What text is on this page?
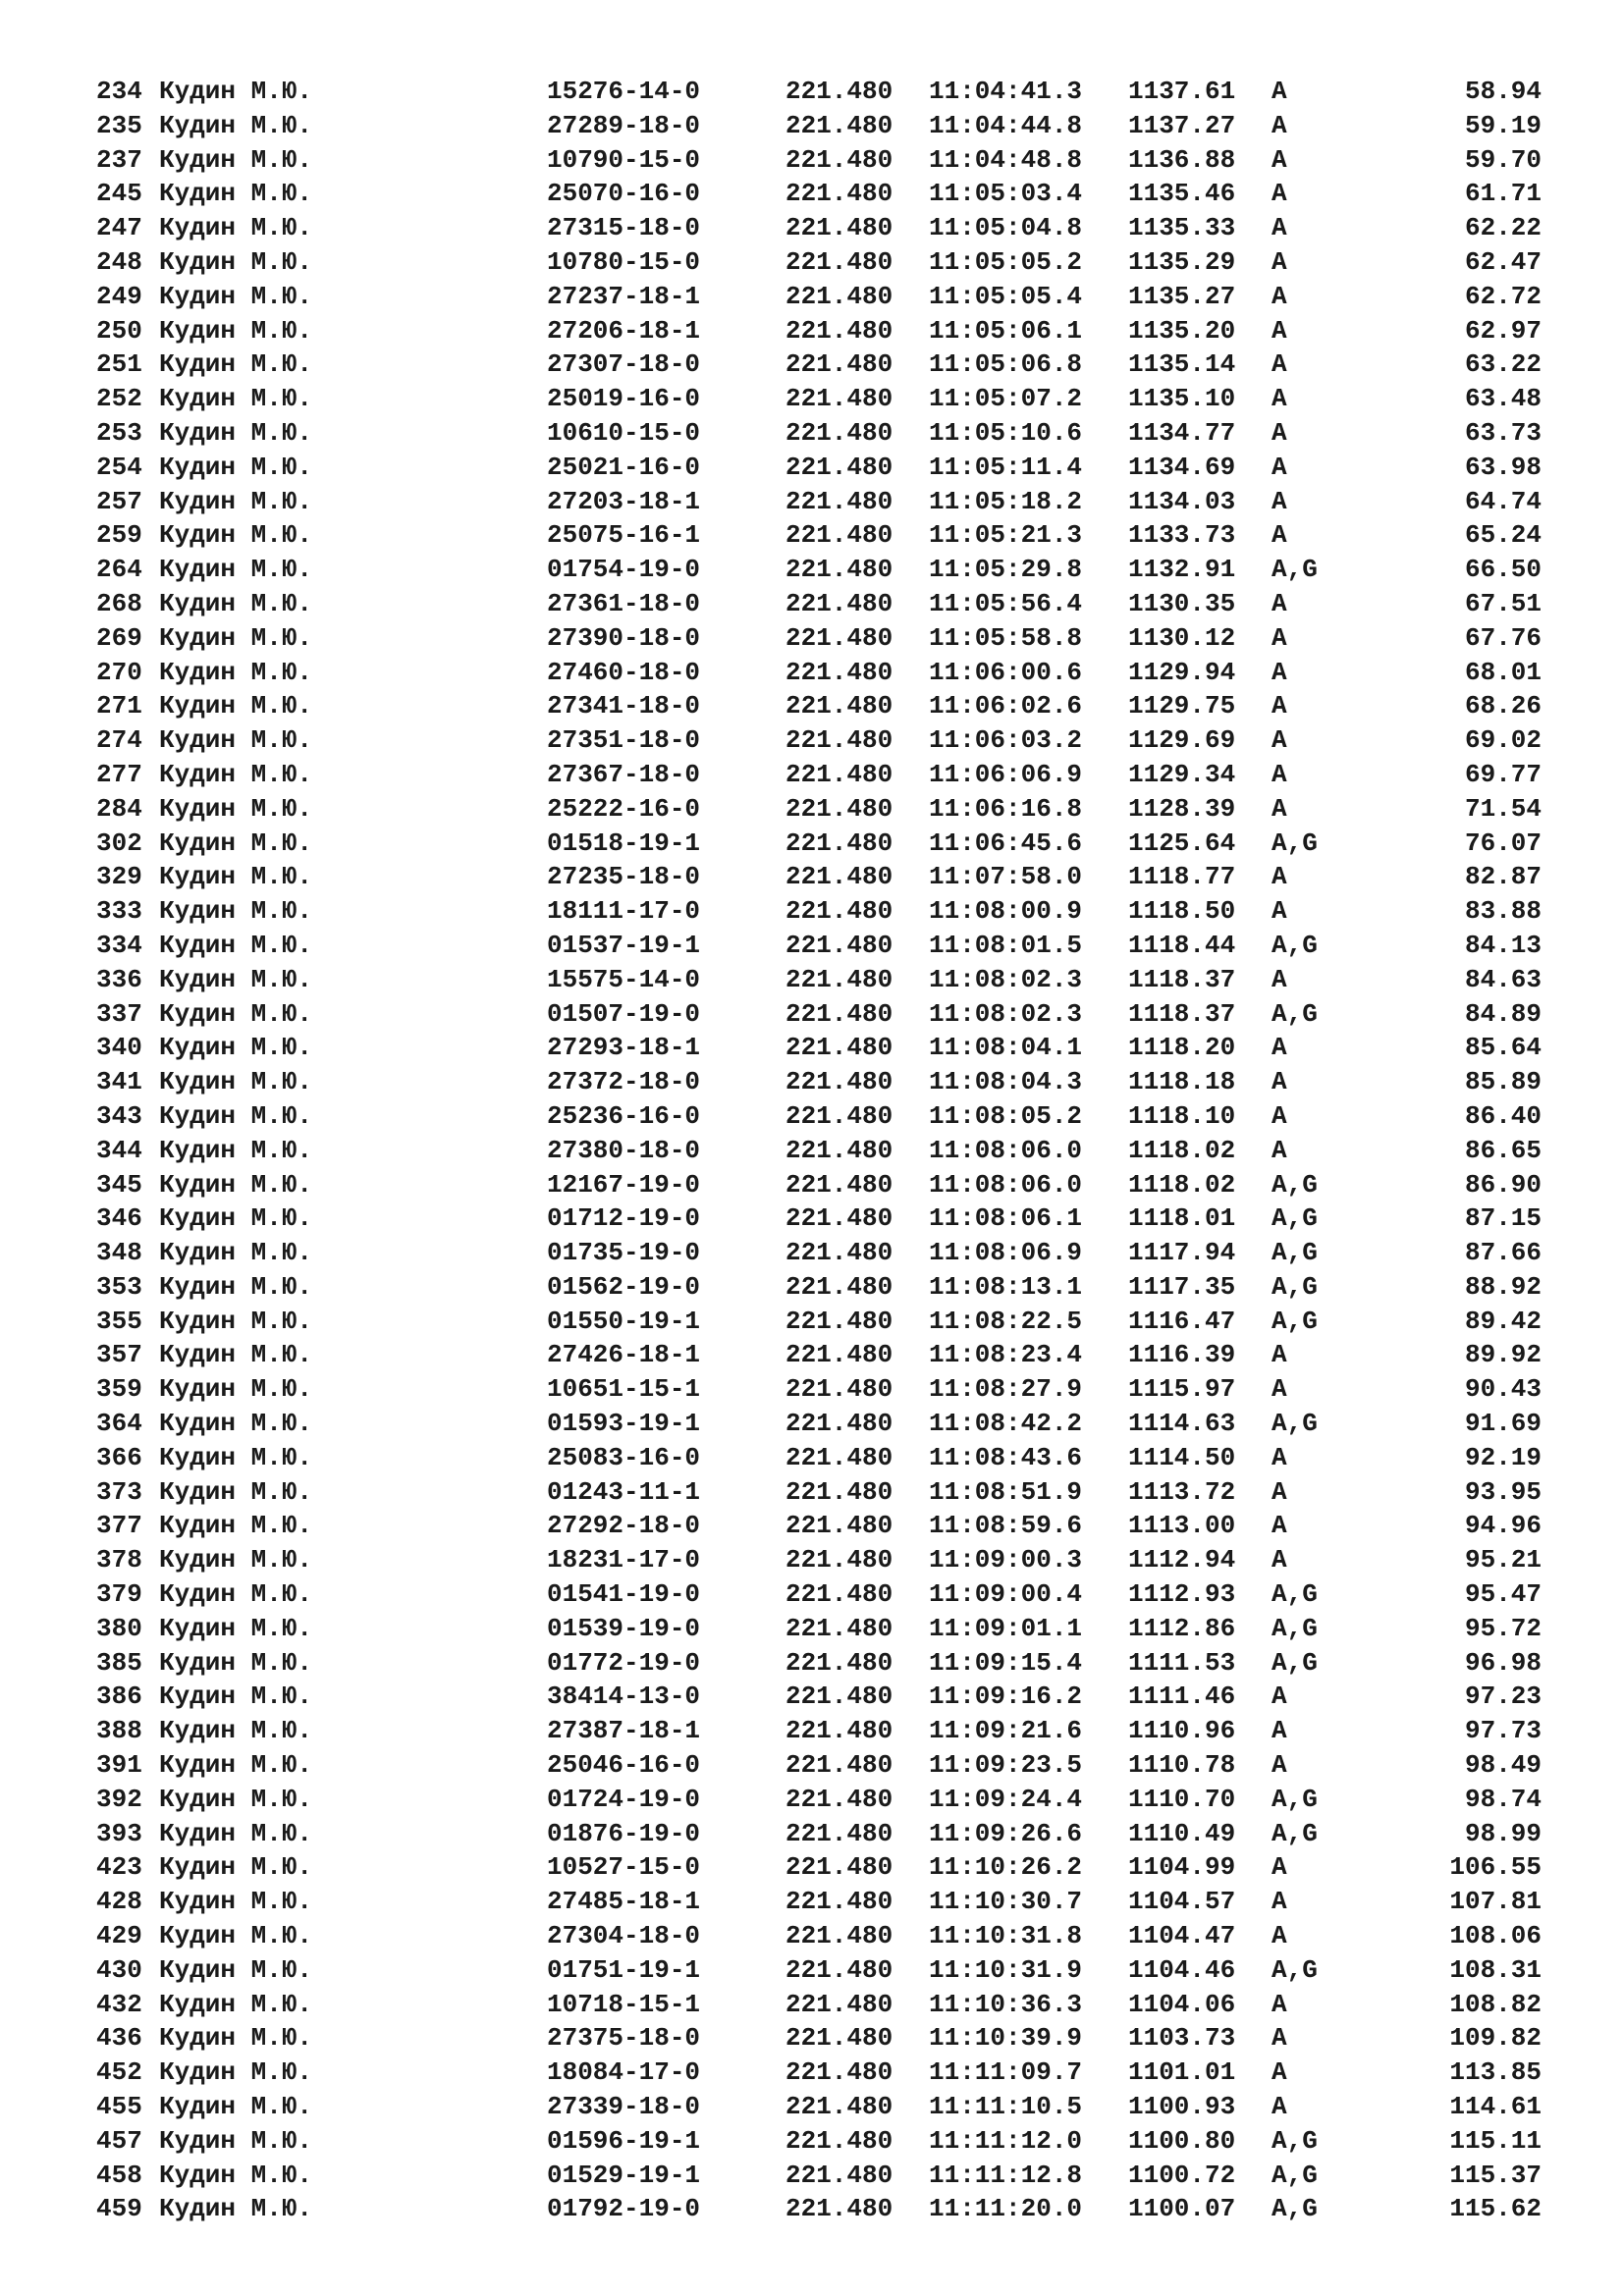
234 Кудин М.Ю.	15276-14-0	221.480 11:04:41.3 1137.61 A	58.94
235 Кудин М.Ю.	27289-18-0	221.480 11:04:44.8 1137.27 A	59.19
237 Кудин М.Ю.	10790-15-0	221.480 11:04:48.8 1136.88 A	59.70
245 Кудин М.Ю.	25070-16-0	221.480 11:05:03.4 1135.46 A	61.71
247 Кудин М.Ю.	27315-18-0	221.480 11:05:04.8 1135.33 A	62.22
248 Кудин М.Ю.	10780-15-0	221.480 11:05:05.2 1135.29 A	62.47
249 Кудин М.Ю.	27237-18-1	221.480 11:05:05.4 1135.27 A	62.72
250 Кудин М.Ю.	27206-18-1	221.480 11:05:06.1 1135.20 A	62.97
251 Кудин М.Ю.	27307-18-0	221.480 11:05:06.8 1135.14 A	63.22
252 Кудин М.Ю.	25019-16-0	221.480 11:05:07.2 1135.10 A	63.48
253 Кудин М.Ю.	10610-15-0	221.480 11:05:10.6 1134.77 A	63.73
254 Кудин М.Ю.	25021-16-0	221.480 11:05:11.4 1134.69 A	63.98
257 Кудин М.Ю.	27203-18-1	221.480 11:05:18.2 1134.03 A	64.74
259 Кудин М.Ю.	25075-16-1	221.480 11:05:21.3 1133.73 A	65.24
264 Кудин М.Ю.	01754-19-0	221.480 11:05:29.8 1132.91 A,G	66.50
268 Кудин М.Ю.	27361-18-0	221.480 11:05:56.4 1130.35 A	67.51
269 Кудин М.Ю.	27390-18-0	221.480 11:05:58.8 1130.12 A	67.76
270 Кудин М.Ю.	27460-18-0	221.480 11:06:00.6 1129.94 A	68.01
271 Кудин М.Ю.	27341-18-0	221.480 11:06:02.6 1129.75 A	68.26
274 Кудин М.Ю.	27351-18-0	221.480 11:06:03.2 1129.69 A	69.02
277 Кудин М.Ю.	27367-18-0	221.480 11:06:06.9 1129.34 A	69.77
284 Кудин М.Ю.	25222-16-0	221.480 11:06:16.8 1128.39 A	71.54
302 Кудин М.Ю.	01518-19-1	221.480 11:06:45.6 1125.64 A,G	76.07
329 Кудин М.Ю.	27235-18-0	221.480 11:07:58.0 1118.77 A	82.87
333 Кудин М.Ю.	18111-17-0	221.480 11:08:00.9 1118.50 A	83.88
334 Кудин М.Ю.	01537-19-1	221.480 11:08:01.5 1118.44 A,G	84.13
336 Кудин М.Ю.	15575-14-0	221.480 11:08:02.3 1118.37 A	84.63
337 Кудин М.Ю.	01507-19-0	221.480 11:08:02.3 1118.37 A,G	84.89
340 Кудин М.Ю.	27293-18-1	221.480 11:08:04.1 1118.20 A	85.64
341 Кудин М.Ю.	27372-18-0	221.480 11:08:04.3 1118.18 A	85.89
343 Кудин М.Ю.	25236-16-0	221.480 11:08:05.2 1118.10 A	86.40
344 Кудин М.Ю.	27380-18-0	221.480 11:08:06.0 1118.02 A	86.65
345 Кудин М.Ю.	12167-19-0	221.480 11:08:06.0 1118.02 A,G	86.90
346 Кудин М.Ю.	01712-19-0	221.480 11:08:06.1 1118.01 A,G	87.15
348 Кудин М.Ю.	01735-19-0	221.480 11:08:06.9 1117.94 A,G	87.66
353 Кудин М.Ю.	01562-19-0	221.480 11:08:13.1 1117.35 A,G	88.92
355 Кудин М.Ю.	01550-19-1	221.480 11:08:22.5 1116.47 A,G	89.42
357 Кудин М.Ю.	27426-18-1	221.480 11:08:23.4 1116.39 A	89.92
359 Кудин М.Ю.	10651-15-1	221.480 11:08:27.9 1115.97 A	90.43
364 Кудин М.Ю.	01593-19-1	221.480 11:08:42.2 1114.63 A,G	91.69
366 Кудин М.Ю.	25083-16-0	221.480 11:08:43.6 1114.50 A	92.19
373 Кудин М.Ю.	01243-11-1	221.480 11:08:51.9 1113.72 A	93.95
377 Кудин М.Ю.	27292-18-0	221.480 11:08:59.6 1113.00 A	94.96
378 Кудин М.Ю.	18231-17-0	221.480 11:09:00.3 1112.94 A	95.21
379 Кудин М.Ю.	01541-19-0	221.480 11:09:00.4 1112.93 A,G	95.47
380 Кудин М.Ю.	01539-19-0	221.480 11:09:01.1 1112.86 A,G	95.72
385 Кудин М.Ю.	01772-19-0	221.480 11:09:15.4 1111.53 A,G	96.98
386 Кудин М.Ю.	38414-13-0	221.480 11:09:16.2 1111.46 A	97.23
388 Кудин М.Ю.	27387-18-1	221.480 11:09:21.6 1110.96 A	97.73
391 Кудин М.Ю.	25046-16-0	221.480 11:09:23.5 1110.78 A	98.49
392 Кудин М.Ю.	01724-19-0	221.480 11:09:24.4 1110.70 A,G	98.74
393 Кудин М.Ю.	01876-19-0	221.480 11:09:26.6 1110.49 A,G	98.99
423 Кудин М.Ю.	10527-15-0	221.480 11:10:26.2 1104.99 A	106.55
428 Кудин М.Ю.	27485-18-1	221.480 11:10:30.7 1104.57 A	107.81
429 Кудин М.Ю.	27304-18-0	221.480 11:10:31.8 1104.47 A	108.06
430 Кудин М.Ю.	01751-19-1	221.480 11:10:31.9 1104.46 A,G	108.31
432 Кудин М.Ю.	10718-15-1	221.480 11:10:36.3 1104.06 A	108.82
436 Кудин М.Ю.	27375-18-0	221.480 11:10:39.9 1103.73 A	109.82
452 Кудин М.Ю.	18084-17-0	221.480 11:11:09.7 1101.01 A	113.85
455 Кудин М.Ю.	27339-18-0	221.480 11:11:10.5 1100.93 A	114.61
457 Кудин М.Ю.	01596-19-1	221.480 11:11:12.0 1100.80 A,G	115.11
458 Кудин М.Ю.	01529-19-1	221.480 11:11:12.8 1100.72 A,G	115.37
459 Кудин М.Ю.	01792-19-0	221.480 11:11:20.0 1100.07 A,G	115.62
